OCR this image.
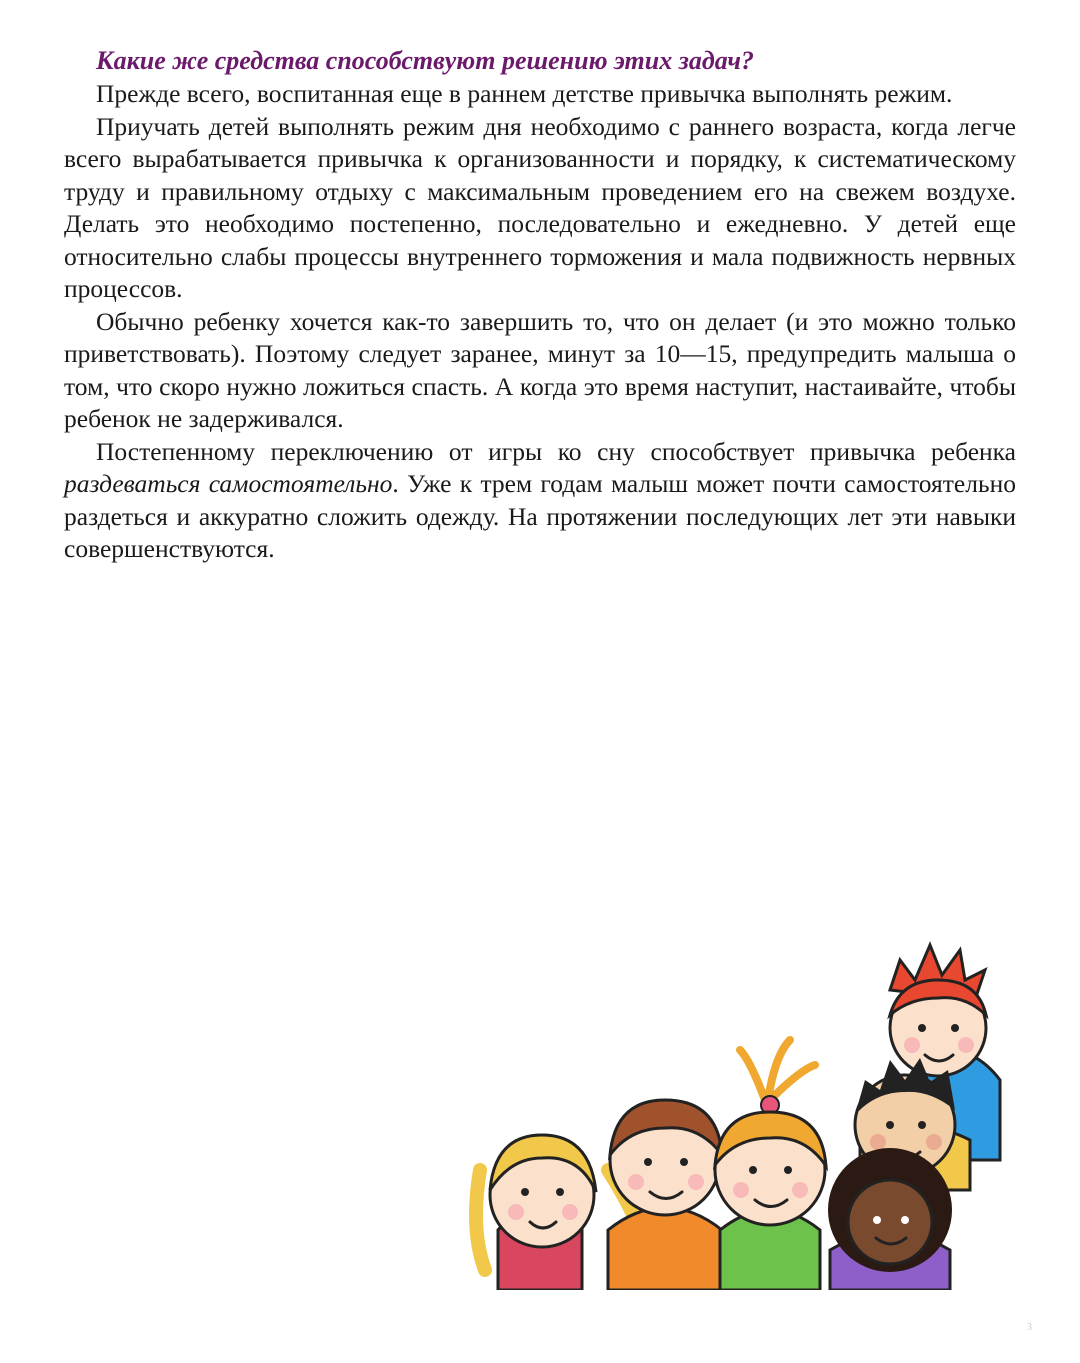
Какие же средства способствуют решению этих задач?

Прежде всего, воспитанная еще в раннем детстве привычка выполнять режим.

Приучать детей выполнять режим дня необходимо с раннего возраста, когда легче всего вырабатывается привычка к организованности и порядку, к систематическому труду и правильному отдыху с максимальным проведением его на свежем воздухе. Делать это необходимо постепенно, последовательно и ежедневно. У детей еще относительно слабы процессы внутреннего торможения и мала подвижность нервных процессов.

Обычно ребенку хочется как-то завершить то, что он делает (и это можно только приветствовать). Поэтому следует заранее, минут за 10—15, предупредить малыша о том, что скоро нужно ложиться спасть. А когда это время наступит, настаивайте, чтобы ребенок не задерживался.

Постепенному переключению от игры ко сну способствует привычка ребенка раздеваться самостоятельно. Уже к трем годам малыш может почти самостоятельно раздеться и аккуратно сложить одежду. На протяжении последующих лет эти навыки совершенствуются.

3
